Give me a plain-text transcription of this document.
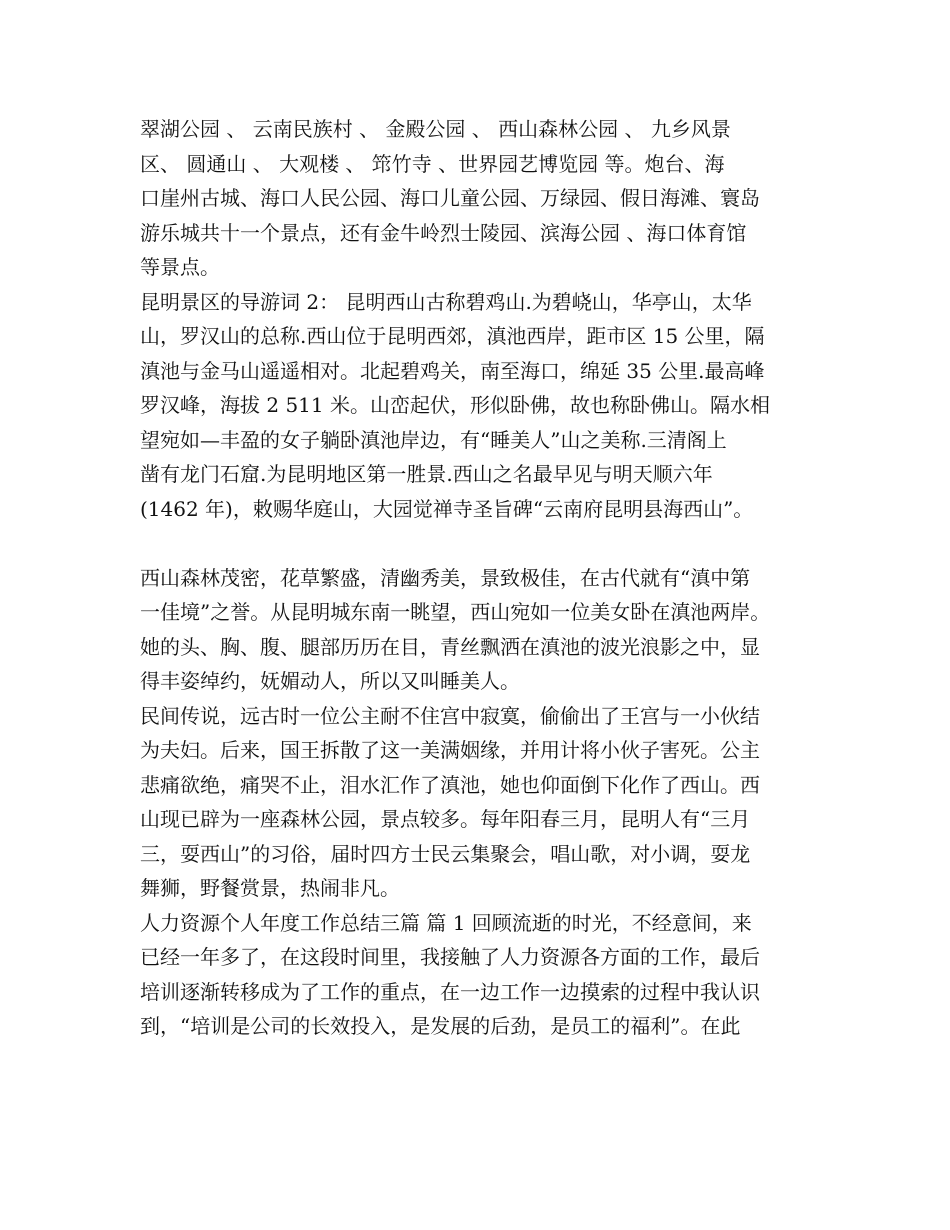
翠湖公园 、 云南民族村 、 金殿公园 、 西山森林公园 、 九乡风景
区、 圆通山 、 大观楼 、 筇竹寺 、世界园艺博览园 等。炮台、海
口崖州古城、海口人民公园、海口儿童公园、万绿园、假日海滩、寰岛
游乐城共十一个景点，还有金牛岭烈士陵园、滨海公园 、海口体育馆
等景点。
昆明景区的导游词 2： 昆明西山古称碧鸡山.为碧峣山，华亭山，太华
山，罗汉山的总称.西山位于昆明西郊，滇池西岸，距市区 15 公里，隔
滇池与金马山遥遥相对。北起碧鸡关，南至海口，绵延 35 公里.最高峰
罗汉峰，海拔 2 511 米。山峦起伏，形似卧佛，故也称卧佛山。隔水相
望宛如—丰盈的女子躺卧滇池岸边，有“睡美人”山之美称.三清阁上
凿有龙门石窟.为昆明地区第一胜景.西山之名最早见与明天顺六年
(1462 年)，敕赐华庭山，大园觉禅寺圣旨碑“云南府昆明县海西山”。
西山森林茂密，花草繁盛，清幽秀美，景致极佳，在古代就有“滇中第
一佳境”之誉。从昆明城东南一眺望，西山宛如一位美女卧在滇池两岸。
她的头、胸、腹、腿部历历在目，青丝飘洒在滇池的波光浪影之中，显
得丰姿绰约，妩媚动人，所以又叫睡美人。
民间传说，远古时一位公主耐不住宫中寂寞，偷偷出了王宫与一小伙结
为夫妇。后来，国王拆散了这一美满姻缘，并用计将小伙子害死。公主
悲痛欲绝，痛哭不止，泪水汇作了滇池，她也仰面倒下化作了西山。西
山现已辟为一座森林公园，景点较多。每年阳春三月，昆明人有“三月
三，耍西山”的习俗，届时四方士民云集聚会，唱山歌，对小调，耍龙
舞狮，野餐赏景，热闹非凡。
人力资源个人年度工作总结三篇 篇 1 回顾流逝的时光，不经意间，来
已经一年多了，在这段时间里，我接触了人力资源各方面的工作，最后
培训逐渐转移成为了工作的重点，在一边工作一边摸索的过程中我认识
到，“培训是公司的长效投入，是发展的后劲，是员工的福利”。在此
